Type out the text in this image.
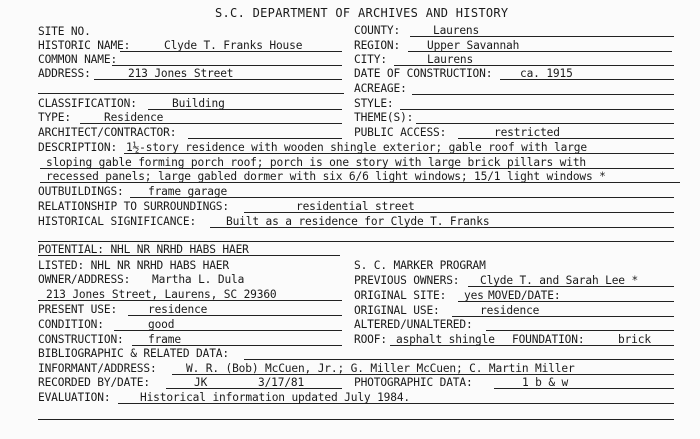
S.C. DEPARTMENT OF ARCHIVES AND HISTORY
SITE NO.	COUNTY:	Laurens
HISTORIC NAME:	Clyde T. Franks House	REGION: Upper Savannah
COMMON NAME:	CITY:	Laurens
ADDRESS:	213 Jones Street	DATE OF CONSTRUCTION: ca. 1915
ACREAGE:
CLASSIFICATION:	Building	STYLE:
TYPE:	Residence	THEME(S):
ARCHITECT/CONTRACTOR:	PUBLIC ACCESS:	restricted
DESCRIPTION: 1½-story residence with wooden shingle exterior; gable roof with large
sloping gable forming porch roof; porch is one story with large brick pillars with
recessed panels; large gabled dormer with six 6/6 light windows; 15/1 light windows *
OUTBUILDINGS: frame garage
RELATIONSHIP TO SURROUNDINGS:	residential street
HISTORICAL SIGNIFICANCE:	Built as a residence for Clyde T. Franks
POTENTIAL: NHL NR NRHD HABS HAER
LISTED: NHL NR NRHD HABS HAER	S. C. MARKER PROGRAM
OWNER/ADDRESS: Martha L. Dula	PREVIOUS OWNERS: Clyde T. and Sarah Lee *
213 Jones Street, Laurens, SC 29360	ORIGINAL SITE: yes MOVED/DATE:
PRESENT USE:	residence	ORIGINAL USE:	residence
CONDITION:	good	ALTERED/UNALTERED:
CONSTRUCTION: frame	ROOF: asphalt shingle FOUNDATION:	brick
BIBLIOGRAPHIC & RELATED DATA:
INFORMANT/ADDRESS:	W. R. (Bob) McCuen, Jr.; G. Miller McCuen; C. Martin Miller
RECORDED BY/DATE:	JK	3/17/81	PHOTOGRAPHIC DATA:	1 b & w
EVALUATION:	Historical information updated July 1984.
